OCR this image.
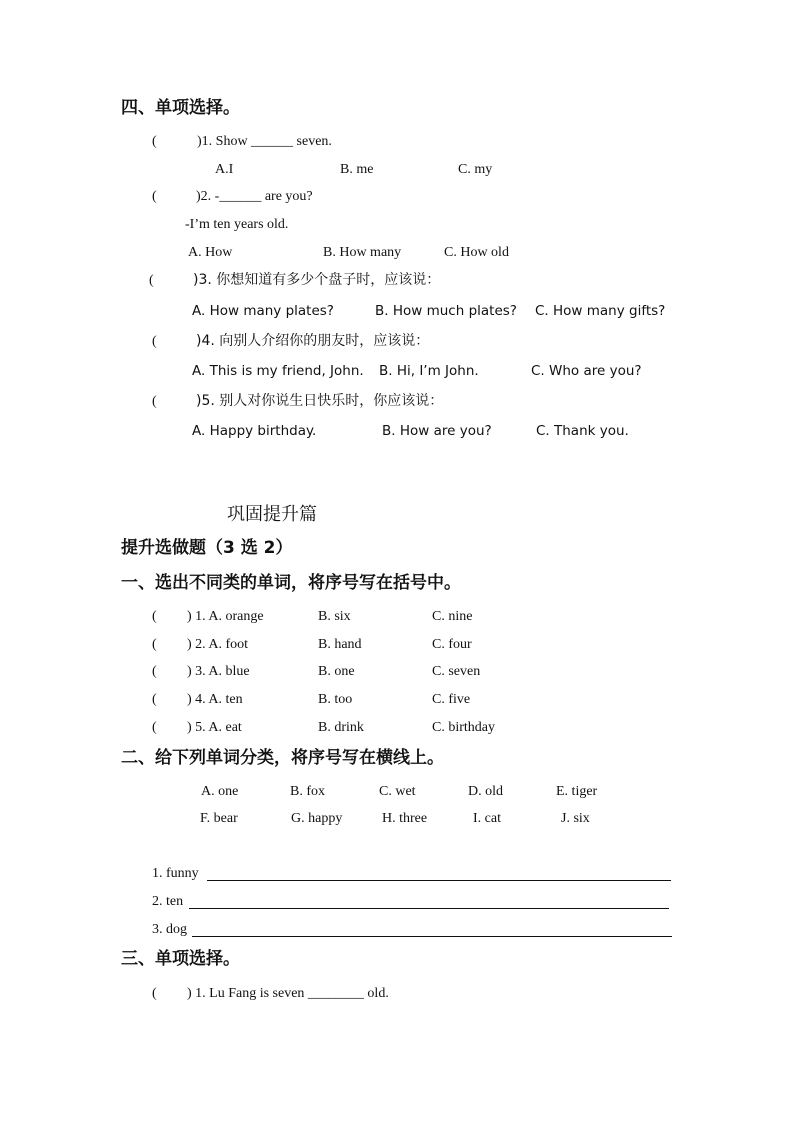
四、单项选择。
(	)1. Show ______ seven.
A.I	B. me	C. my
(	)2. -______ are you?
-I’m ten years old.
A. How	B. How many	C. How old
(	)3. 你想知道有多少个盘子时，应该说：
A. How many plates?	B. How much plates? C. How many gifts?
(	)4. 向别人介绍你的朋友时，应该说：
A. This is my friend, John. B. Hi, I’m John.	C. Who are you?
(	)5. 别人对你说生日快乐时，你应该说：
A. Happy birthday.	B. How are you?	C. Thank you.
巩固提升篇
提升选做题（3 选 2）
一、选出不同类的单词，将序号写在括号中。
( ) 1. A. orange	B. six	C. nine
( ) 2. A. foot	B. hand	C. four
( ) 3. A. blue	B. one	C. seven
( ) 4. A. ten	B. too	C. five
( ) 5. A. eat	B. drink	C. birthday
二、给下列单词分类，将序号写在横线上。
A. one	B. fox	C. wet	D. old	E. tiger
F. bear	G. happy	H. three	I. cat	J. six
1. funny
2. ten
3. dog
三、单项选择。
( ) 1. Lu Fang is seven ________ old.
